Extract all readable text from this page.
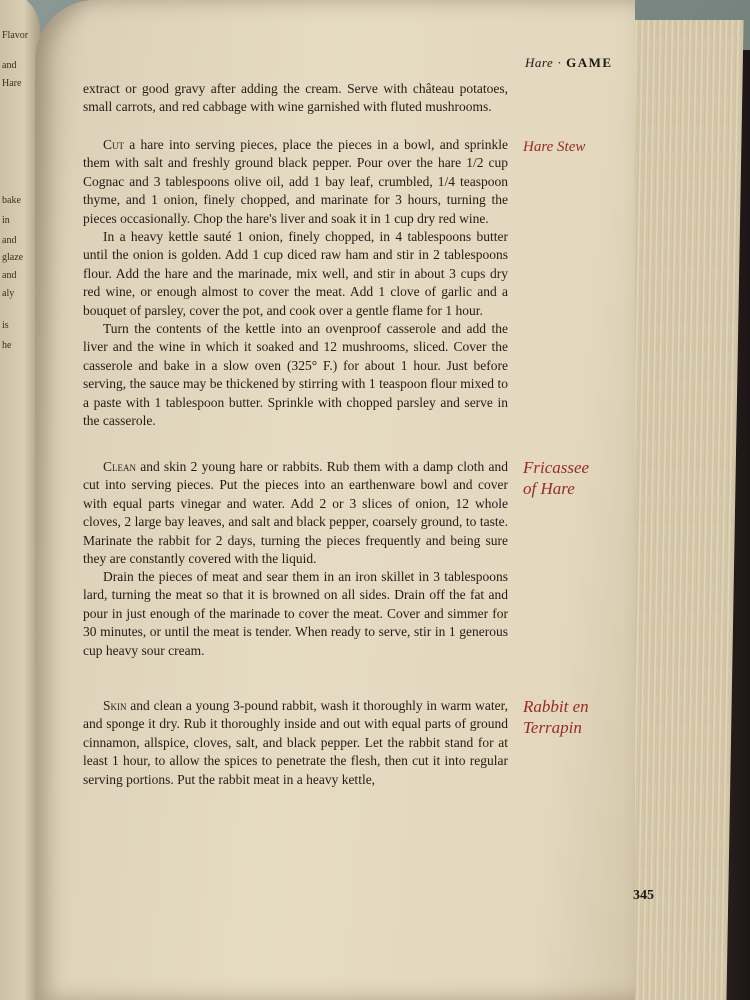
Flavor
and
Hare
bake
in
and
glaze
and
aly
is
he
Hare · GAME

extract or good gravy after adding the cream. Serve with château potatoes, small carrots, and red cabbage with wine garnished with fluted mushrooms.

Hare Stew

Cut a hare into serving pieces, place the pieces in a bowl, and sprinkle them with salt and freshly ground black pepper. Pour over the hare 1/2 cup Cognac and 3 tablespoons olive oil, add 1 bay leaf, crumbled, 1/4 teaspoon thyme, and 1 onion, finely chopped, and marinate for 3 hours, turning the pieces occasionally. Chop the hare's liver and soak it in 1 cup dry red wine.

In a heavy kettle sauté 1 onion, finely chopped, in 4 tablespoons butter until the onion is golden. Add 1 cup diced raw ham and stir in 2 tablespoons flour. Add the hare and the marinade, mix well, and stir in about 3 cups dry red wine, or enough almost to cover the meat. Add 1 clove of garlic and a bouquet of parsley, cover the pot, and cook over a gentle flame for 1 hour.

Turn the contents of the kettle into an ovenproof casserole and add the liver and the wine in which it soaked and 12 mushrooms, sliced. Cover the casserole and bake in a slow oven (325° F.) for about 1 hour. Just before serving, the sauce may be thickened by stirring with 1 teaspoon flour mixed to a paste with 1 tablespoon butter. Sprinkle with chopped parsley and serve in the casserole.

Fricassee of Hare

Clean and skin 2 young hare or rabbits. Rub them with a damp cloth and cut into serving pieces. Put the pieces into an earthenware bowl and cover with equal parts vinegar and water. Add 2 or 3 slices of onion, 12 whole cloves, 2 large bay leaves, and salt and black pepper, coarsely ground, to taste. Marinate the rabbit for 2 days, turning the pieces frequently and being sure they are constantly covered with the liquid.

Drain the pieces of meat and sear them in an iron skillet in 3 tablespoons lard, turning the meat so that it is browned on all sides. Drain off the fat and pour in just enough of the marinade to cover the meat. Cover and simmer for 30 minutes, or until the meat is tender. When ready to serve, stir in 1 generous cup heavy sour cream.

Rabbit en Terrapin

Skin and clean a young 3-pound rabbit, wash it thoroughly in warm water, and sponge it dry. Rub it thoroughly inside and out with equal parts of ground cinnamon, allspice, cloves, salt, and black pepper. Let the rabbit stand for at least 1 hour, to allow the spices to penetrate the flesh, then cut it into regular serving portions. Put the rabbit meat in a heavy kettle,

345
